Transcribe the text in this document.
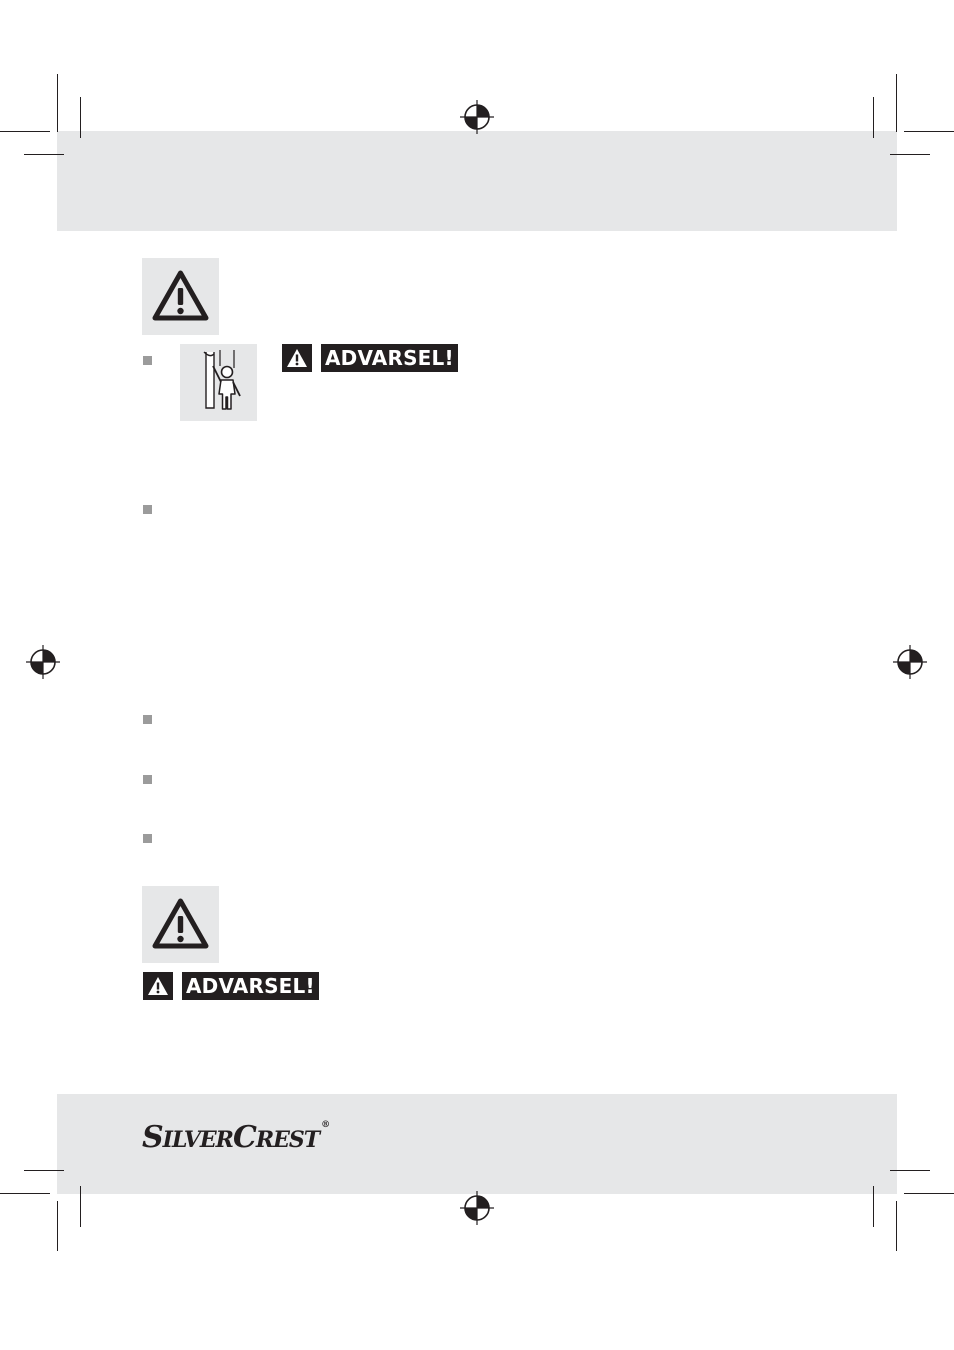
ADVARSEL!
ADVARSEL!
SILVERCREST®
